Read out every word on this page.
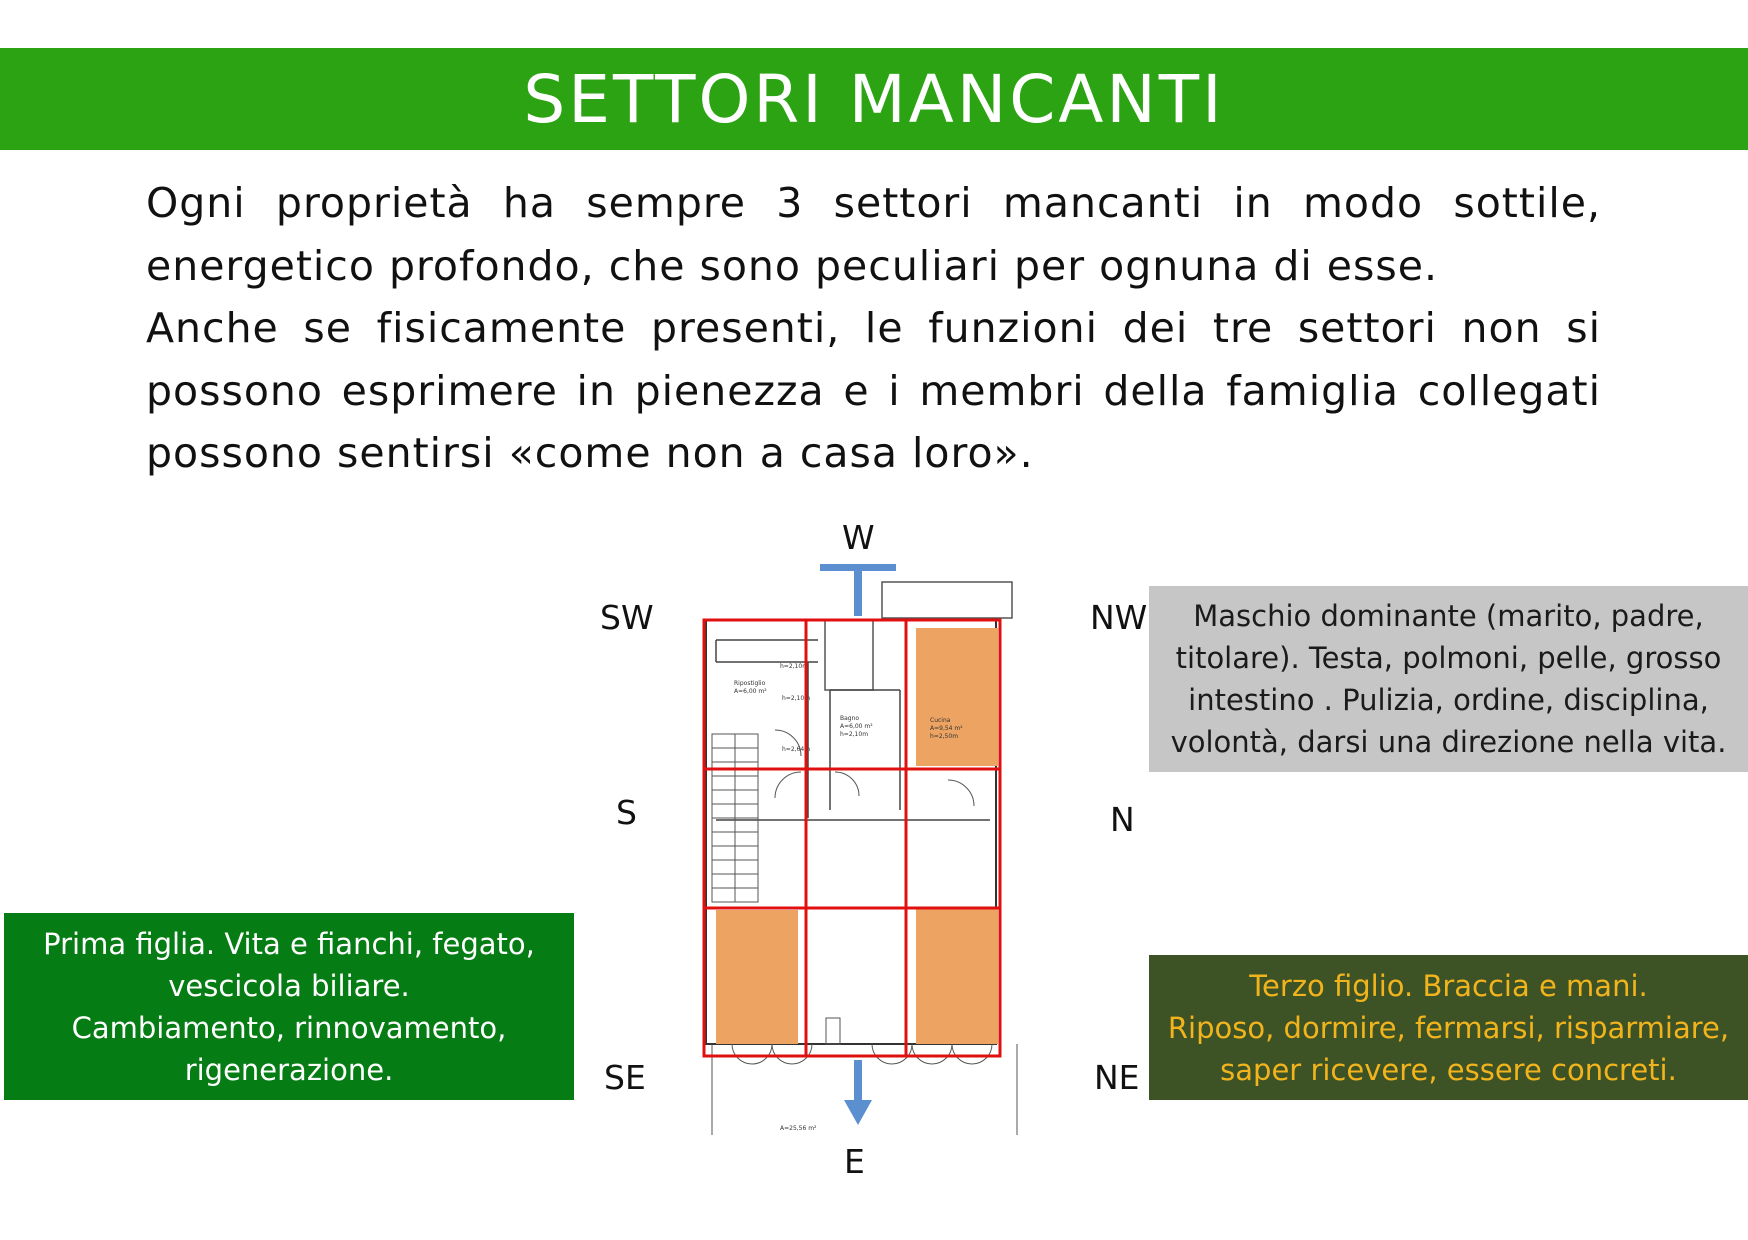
SETTORI MANCANTI

Ogni proprietà ha sempre 3 settori mancanti in modo sottile, energetico profondo, che sono peculiari per ognuna di esse.

Anche se fisicamente presenti, le funzioni dei tre settori non si possono esprimere in pienezza e i membri della famiglia collegati possono sentirsi «come non a casa loro».

W
SW	NW
S	N
SE	NE
E
Maschio dominante (marito, padre,
titolare). Testa, polmoni, pelle, grosso
intestino . Pulizia, ordine, disciplina,
volontà, darsi una direzione nella vita.
Prima figlia. Vita e fianchi, fegato,
vescicola biliare.
Cambiamento, rinnovamento,
rigenerazione.
Terzo figlio. Braccia e mani.
Riposo, dormire, fermarsi, risparmiare,
saper ricevere, essere concreti.
Ripostiglio
A=6,00 m²
h=2,10m
h=2,10m
h=2,64m
Bagno
A=6,00 m²
h=2,10m
Cucina
A=9,54 m²
h=2,50m
A=25,56 m²
